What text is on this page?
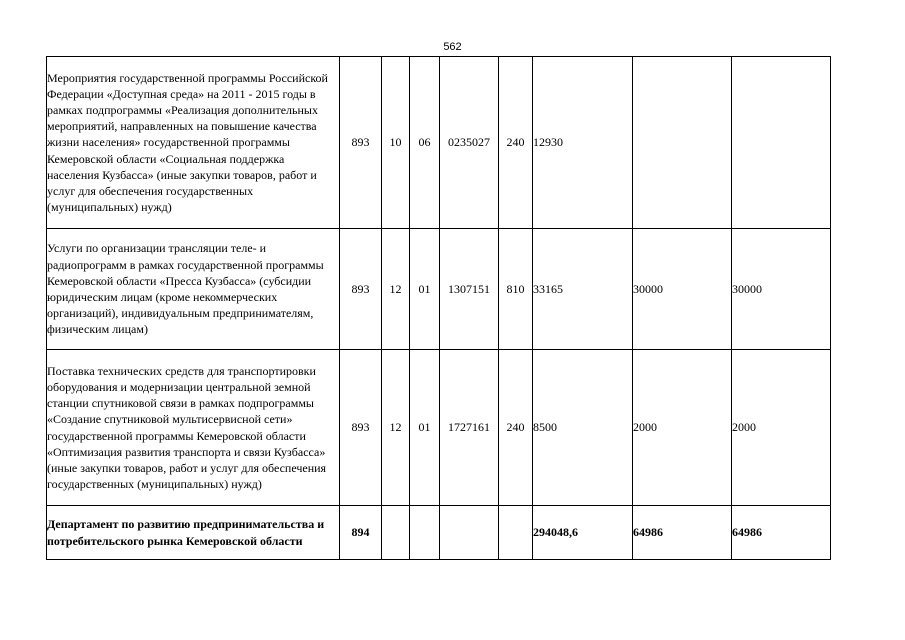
562
Мероприятия государственной программы Российской Федерации «Доступная среда» на 2011 - 2015 годы в рамках подпрограммы «Реализация дополнительных мероприятий, направленных на повышение качества жизни населения» государственной программы Кемеровской области «Социальная поддержка населения Кузбасса» (иные закупки товаров, работ и услуг для обеспечения государственных (муниципальных) нужд)	893	10	06	0235027	240	12930		
Услуги по организации трансляции теле- и радиопрограмм в рамках государственной программы Кемеровской области «Пресса Кузбасса» (субсидии юридическим лицам (кроме некоммерческих организаций), индивидуальным предпринимателям, физическим лицам)	893	12	01	1307151	810	33165	30000	30000
Поставка технических средств для транспортировки оборудования и модернизации центральной земной станции спутниковой связи в рамках подпрограммы «Создание спутниковой мультисервисной сети» государственной программы Кемеровской области «Оптимизация развития транспорта и связи Кузбасса» (иные закупки товаров, работ и услуг для обеспечения государственных (муниципальных) нужд)	893	12	01	1727161	240	8500	2000	2000
Департамент по развитию предпринимательства и потребительского рынка Кемеровской области	894					294048,6	64986	64986
